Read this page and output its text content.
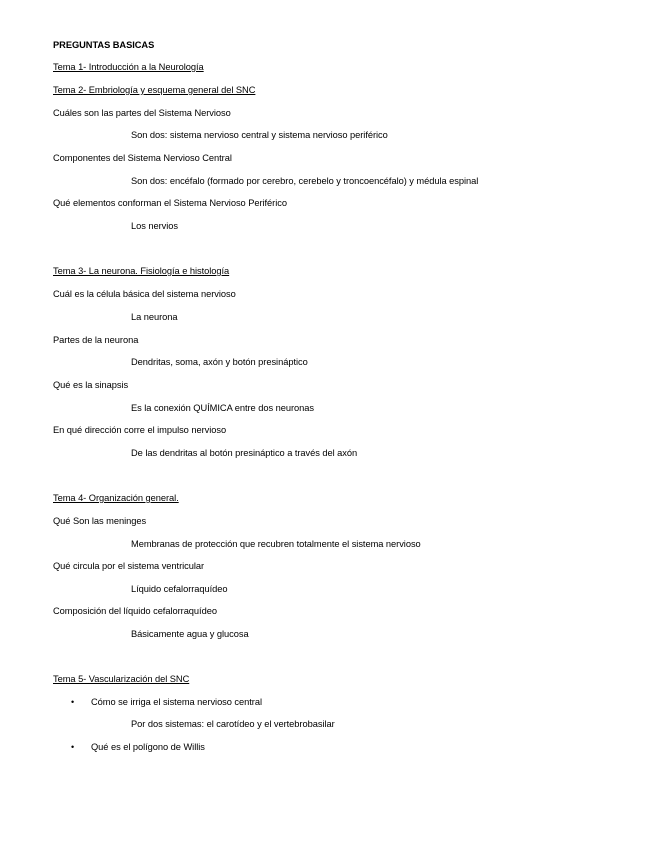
PREGUNTAS BASICAS
Tema 1- Introducción a la Neurología
Tema 2- Embriología y esquema general del SNC
Cuáles son las partes del Sistema Nervioso
Son dos: sistema nervioso central y sistema nervioso periférico
Componentes del Sistema Nervioso Central
Son dos: encéfalo (formado por cerebro, cerebelo y troncoencéfalo) y médula espinal
Qué elementos conforman el Sistema Nervioso Periférico
Los nervios
Tema 3- La neurona. Fisiología e histología
Cuál es la célula básica del sistema nervioso
La neurona
Partes de la neurona
Dendritas, soma, axón y botón presináptico
Qué es la sinapsis
Es la conexión QUÍMICA entre dos neuronas
En qué dirección corre el impulso nervioso
De las dendritas al botón presináptico a través del axón
Tema 4- Organización general.
Qué Son las meninges
Membranas de protección que recubren totalmente el sistema nervioso
Qué circula por el sistema ventricular
Líquido cefalorraquídeo
Composición del líquido cefalorraquídeo
Básicamente agua y glucosa
Tema 5- Vascularización del SNC
• Cómo se irriga el sistema nervioso central
Por dos sistemas: el carotídeo y el vertebrobasilar
• Qué es el polígono de Willis
